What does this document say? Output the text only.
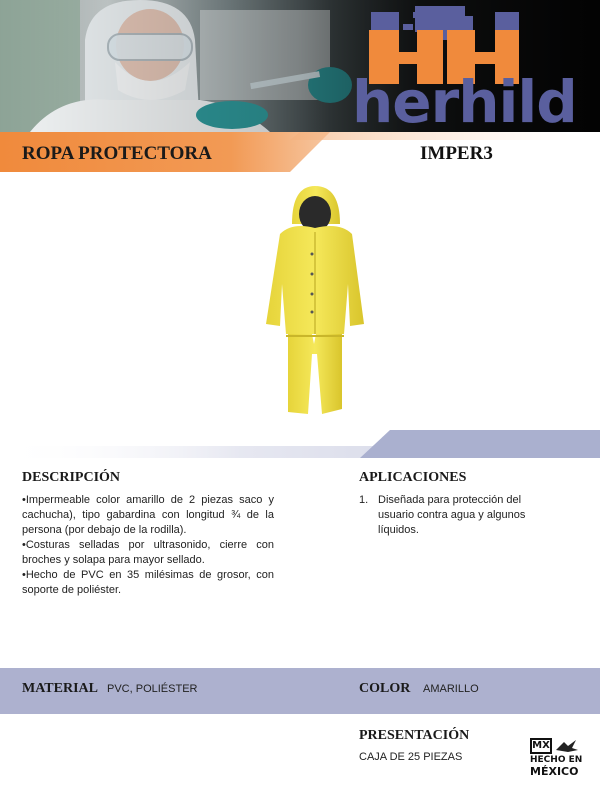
herhild
ROPA PROTECTORA	IMPER3
DESCRIPCIÓN

•Impermeable color amarillo de 2 piezas saco y cachucha), tipo gabardina con longitud ¾ de la persona (por debajo de la rodilla).

•Costuras selladas por ultrasonido, cierre con broches y solapa para mayor sellado.

•Hecho de PVC en 35 milésimas de grosor, con soporte de poliéster.

APLICACIONES
1. Diseñada para protección del usuario contra agua y algunos líquidos.
MATERIAL PVC, POLIÉSTER	COLOR AMARILLO
PRESENTACIÓN
CAJA DE 25 PIEZAS
MX
HECHO EN
MÉXICO
